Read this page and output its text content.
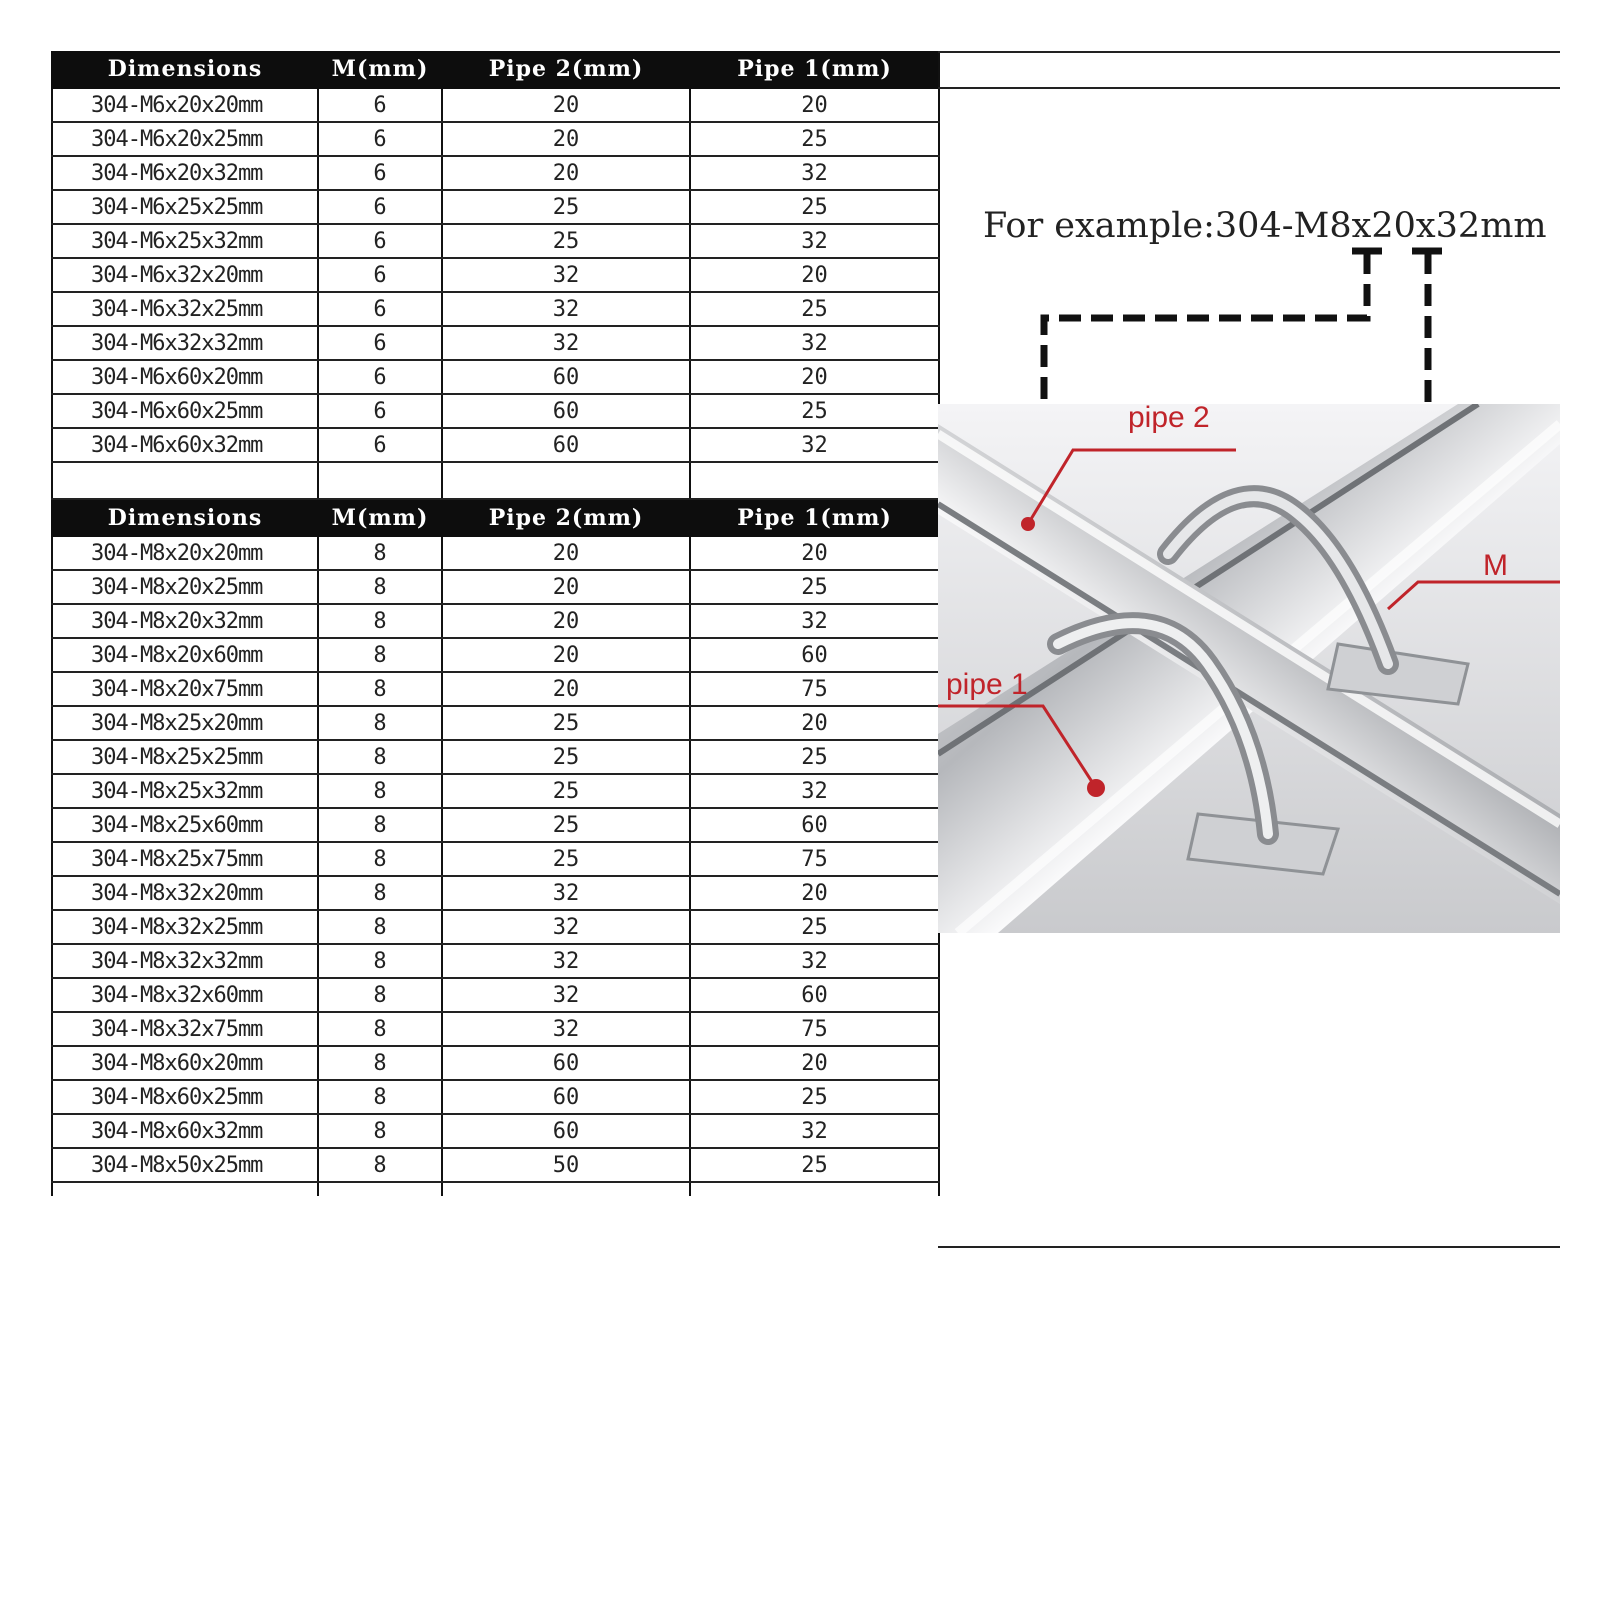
Dimensions	M(mm)	Pipe 2(mm)	Pipe 1(mm)
304-M6x20x20mm	6	20	20
304-M6x20x25mm	6	20	25
304-M6x20x32mm	6	20	32
304-M6x25x25mm	6	25	25
304-M6x25x32mm	6	25	32
304-M6x32x20mm	6	32	20
304-M6x32x25mm	6	32	25
304-M6x32x32mm	6	32	32
304-M6x60x20mm	6	60	20
304-M6x60x25mm	6	60	25
304-M6x60x32mm	6	60	32

Dimensions	M(mm)	Pipe 2(mm)	Pipe 1(mm)
304-M8x20x20mm	8	20	20
304-M8x20x25mm	8	20	25
304-M8x20x32mm	8	20	32
304-M8x20x60mm	8	20	60
304-M8x20x75mm	8	20	75
304-M8x25x20mm	8	25	20
304-M8x25x25mm	8	25	25
304-M8x25x32mm	8	25	32
304-M8x25x60mm	8	25	60
304-M8x25x75mm	8	25	75
304-M8x32x20mm	8	32	20
304-M8x32x25mm	8	32	25
304-M8x32x32mm	8	32	32
304-M8x32x60mm	8	32	60
304-M8x32x75mm	8	32	75
304-M8x60x20mm	8	60	20
304-M8x60x25mm	8	60	25
304-M8x60x32mm	8	60	32
304-M8x50x25mm	8	50	25

For example:304-M8x20x32mm
pipe 2
pipe 1
M
